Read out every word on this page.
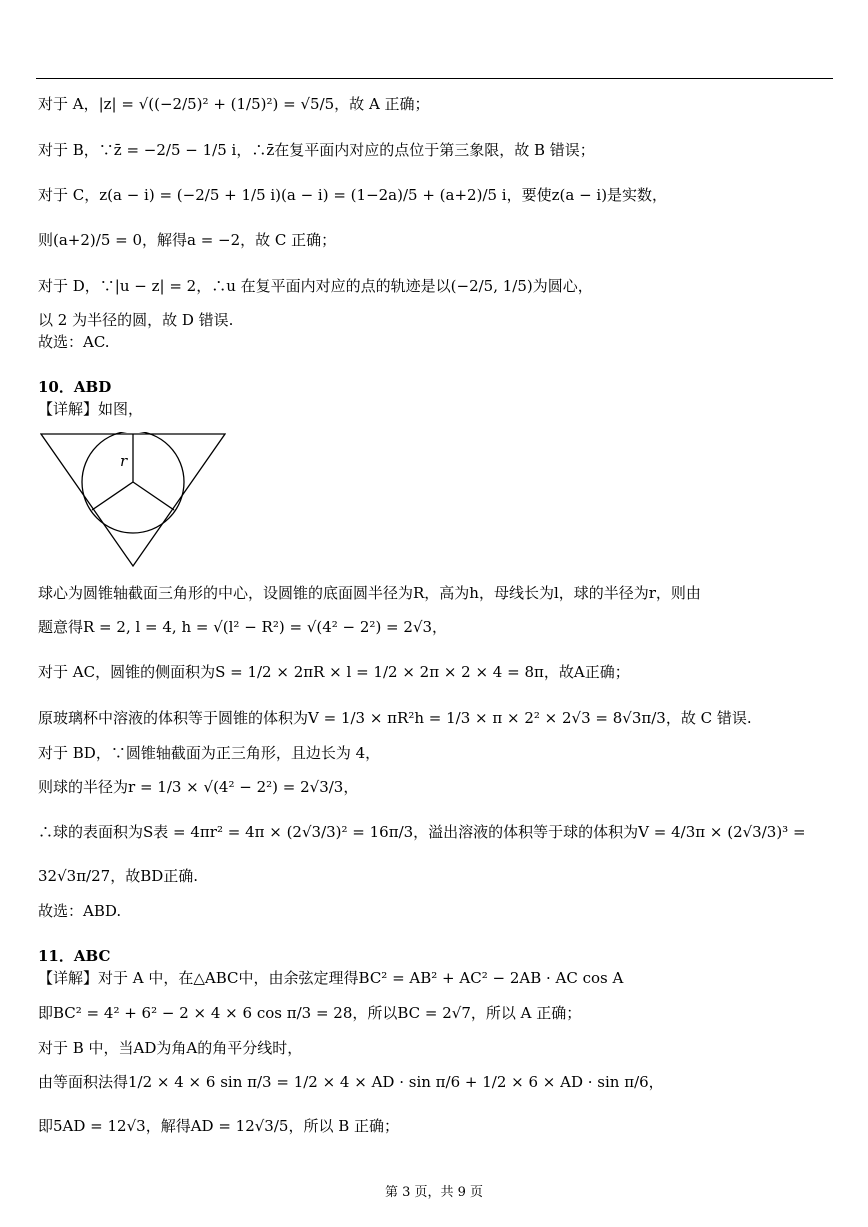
对于 A，|z| = √((−2/5)² + (1/5)²) = √5/5，故 A 正确；
对于 B，∵z̄ = −2/5 − 1/5 i，∴z̄在复平面内对应的点位于第三象限，故 B 错误；
对于 C，z(a − i) = (−2/5 + 1/5 i)(a − i) = (1−2a)/5 + (a+2)/5 i，要使z(a − i)是实数，
则(a+2)/5 = 0，解得a = −2，故 C 正确；
对于 D，∵|u − z| = 2，∴u 在复平面内对应的点的轨迹是以(−2/5, 1/5)为圆心，
以 2 为半径的圆，故 D 错误.
故选：AC.
10．ABD
【详解】如图，
r
球心为圆锥轴截面三角形的中心，设圆锥的底面圆半径为R，高为h，母线长为l，球的半径为r，则由
题意得R = 2, l = 4, h = √(l² − R²) = √(4² − 2²) = 2√3，
对于 AC，圆锥的侧面积为S = 1/2 × 2πR × l = 1/2 × 2π × 2 × 4 = 8π，故A正确；
原玻璃杯中溶液的体积等于圆锥的体积为V = 1/3 × πR²h = 1/3 × π × 2² × 2√3 = 8√3π/3，故 C 错误.
对于 BD，∵圆锥轴截面为正三角形，且边长为 4，
则球的半径为r = 1/3 × √(4² − 2²) = 2√3/3，
∴球的表面积为S表 = 4πr² = 4π × (2√3/3)² = 16π/3，溢出溶液的体积等于球的体积为V = 4/3π × (2√3/3)³ =
32√3π/27，故BD正确.
故选：ABD.
11．ABC
【详解】对于 A 中，在△ABC中，由余弦定理得BC² = AB² + AC² − 2AB · AC cos A
即BC² = 4² + 6² − 2 × 4 × 6 cos π/3 = 28，所以BC = 2√7，所以 A 正确；
对于 B 中，当AD为角A的角平分线时，
由等面积法得1/2 × 4 × 6 sin π/3 = 1/2 × 4 × AD · sin π/6 + 1/2 × 6 × AD · sin π/6，
即5AD = 12√3，解得AD = 12√3/5，所以 B 正确；
第 3 页，共 9 页
